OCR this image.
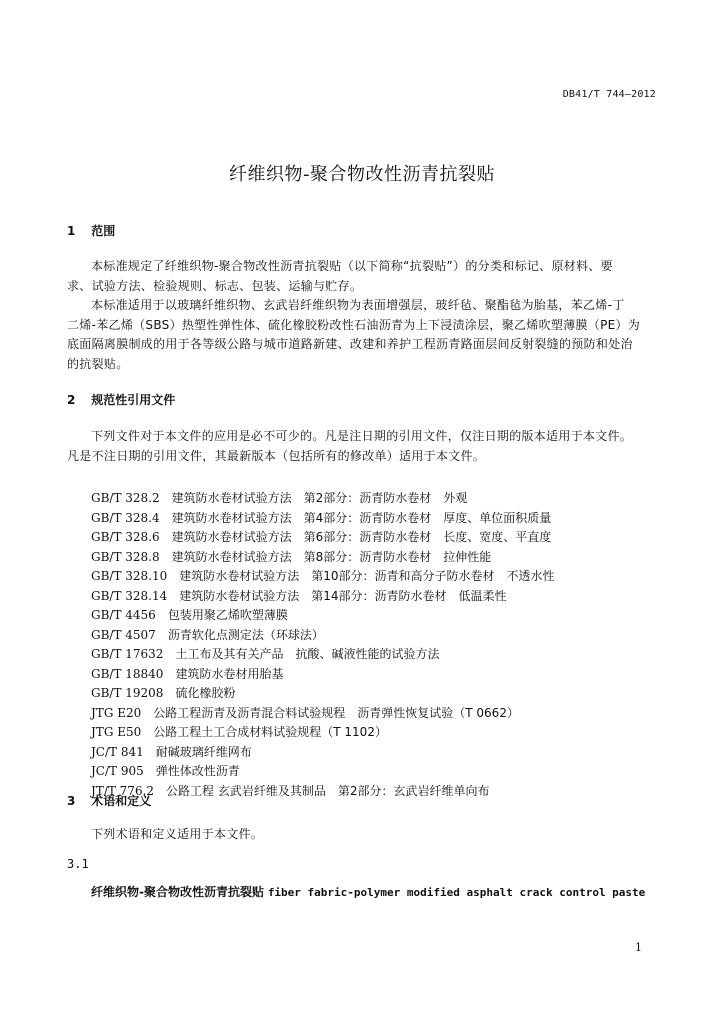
DB41/T 744—2012
纤维织物-聚合物改性沥青抗裂贴
1 范围
本标准规定了纤维织物-聚合物改性沥青抗裂贴（以下简称“抗裂贴”）的分类和标记、原材料、要
求、试验方法、检验规则、标志、包装、运输与贮存。
本标准适用于以玻璃纤维织物、玄武岩纤维织物为表面增强层，玻纤毡、聚酯毡为胎基，苯乙烯-丁
二烯-苯乙烯（SBS）热塑性弹性体、硫化橡胶粉改性石油沥青为上下浸渍涂层，聚乙烯吹塑薄膜（PE）为
底面隔离膜制成的用于各等级公路与城市道路新建、改建和养护工程沥青路面层间反射裂缝的预防和处治
的抗裂贴。
2 规范性引用文件
下列文件对于本文件的应用是必不可少的。凡是注日期的引用文件，仅注日期的版本适用于本文件。
凡是不注日期的引用文件，其最新版本（包括所有的修改单）适用于本文件。
GB/T 328.2　 建筑防水卷材试验方法　第2部分：沥青防水卷材　外观
GB/T 328.4　 建筑防水卷材试验方法　第4部分：沥青防水卷材　厚度、单位面积质量
GB/T 328.6　 建筑防水卷材试验方法　第6部分：沥青防水卷材　长度、宽度、平直度
GB/T 328.8　 建筑防水卷材试验方法　第8部分：沥青防水卷材　拉伸性能
GB/T 328.10　 建筑防水卷材试验方法　第10部分：沥青和高分子防水卷材　不透水性
GB/T 328.14　 建筑防水卷材试验方法　第14部分：沥青防水卷材　低温柔性
GB/T 4456　 包装用聚乙烯吹塑薄膜
GB/T 4507　 沥青软化点测定法（环球法）
GB/T 17632　 土工布及其有关产品　抗酸、碱液性能的试验方法
GB/T 18840　 建筑防水卷材用胎基
GB/T 19208　 硫化橡胶粉
JTG E20　 公路工程沥青及沥青混合料试验规程　沥青弹性恢复试验（T 0662）
JTG E50　 公路工程土工合成材料试验规程（T 1102）
JC/T 841　 耐碱玻璃纤维网布
JC/T 905　 弹性体改性沥青
JT/T 776.2　 公路工程 玄武岩纤维及其制品　第2部分：玄武岩纤维单向布
3 术语和定义
下列术语和定义适用于本文件。
3.1
纤维织物-聚合物改性沥青抗裂贴 fiber fabric-polymer modified asphalt crack control paste
1
